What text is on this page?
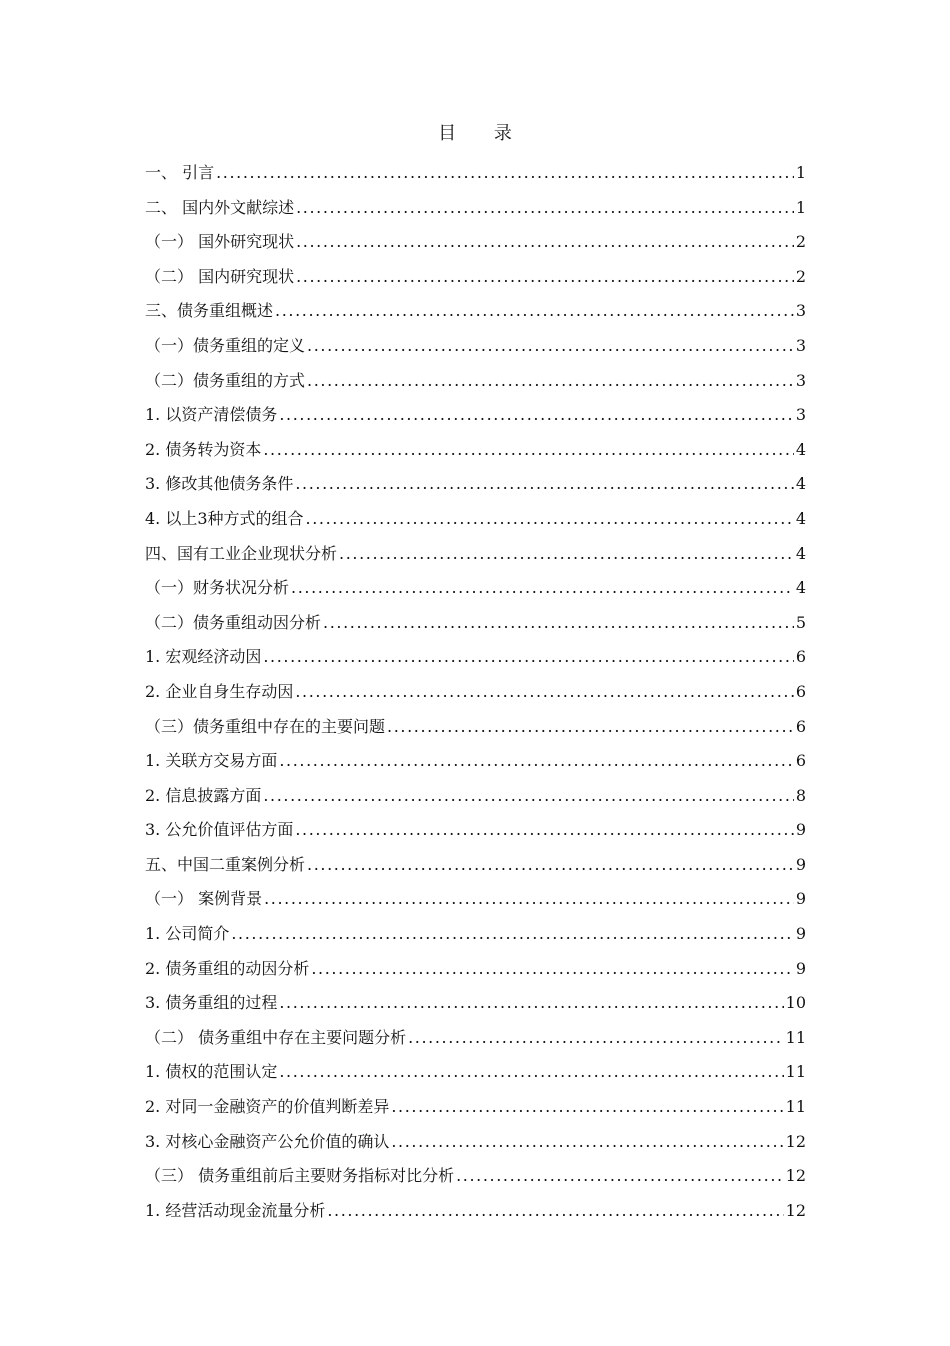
目 录
一、 引言 .....	1
二、 国内外文献综述 .....	1
（一） 国外研究现状 .....	2
（二） 国内研究现状 .....	2
三、债务重组概述 .....	3
（一）债务重组的定义 .....	3
（二）债务重组的方式 .....	3
1. 以资产清偿债务 .....	3
2. 债务转为资本 .....	4
3. 修改其他债务条件 .....	4
4. 以上3种方式的组合 .....	4
四、国有工业企业现状分析 .....	4
（一）财务状况分析 .....	4
（二）债务重组动因分析 .....	5
1. 宏观经济动因 .....	6
2. 企业自身生存动因 .....	6
（三）债务重组中存在的主要问题 .....	6
1. 关联方交易方面 .....	6
2. 信息披露方面 .....	8
3. 公允价值评估方面 .....	9
五、中国二重案例分析 .....	9
（一） 案例背景 .....	9
1. 公司简介 .....	9
2. 债务重组的动因分析 .....	9
3. 债务重组的过程 .....	10
（二） 债务重组中存在主要问题分析 .....	11
1. 债权的范围认定 .....	11
2. 对同一金融资产的价值判断差异 .....	11
3. 对核心金融资产公允价值的确认 .....	12
（三） 债务重组前后主要财务指标对比分析 .....	12
1. 经营活动现金流量分析 .....	12
